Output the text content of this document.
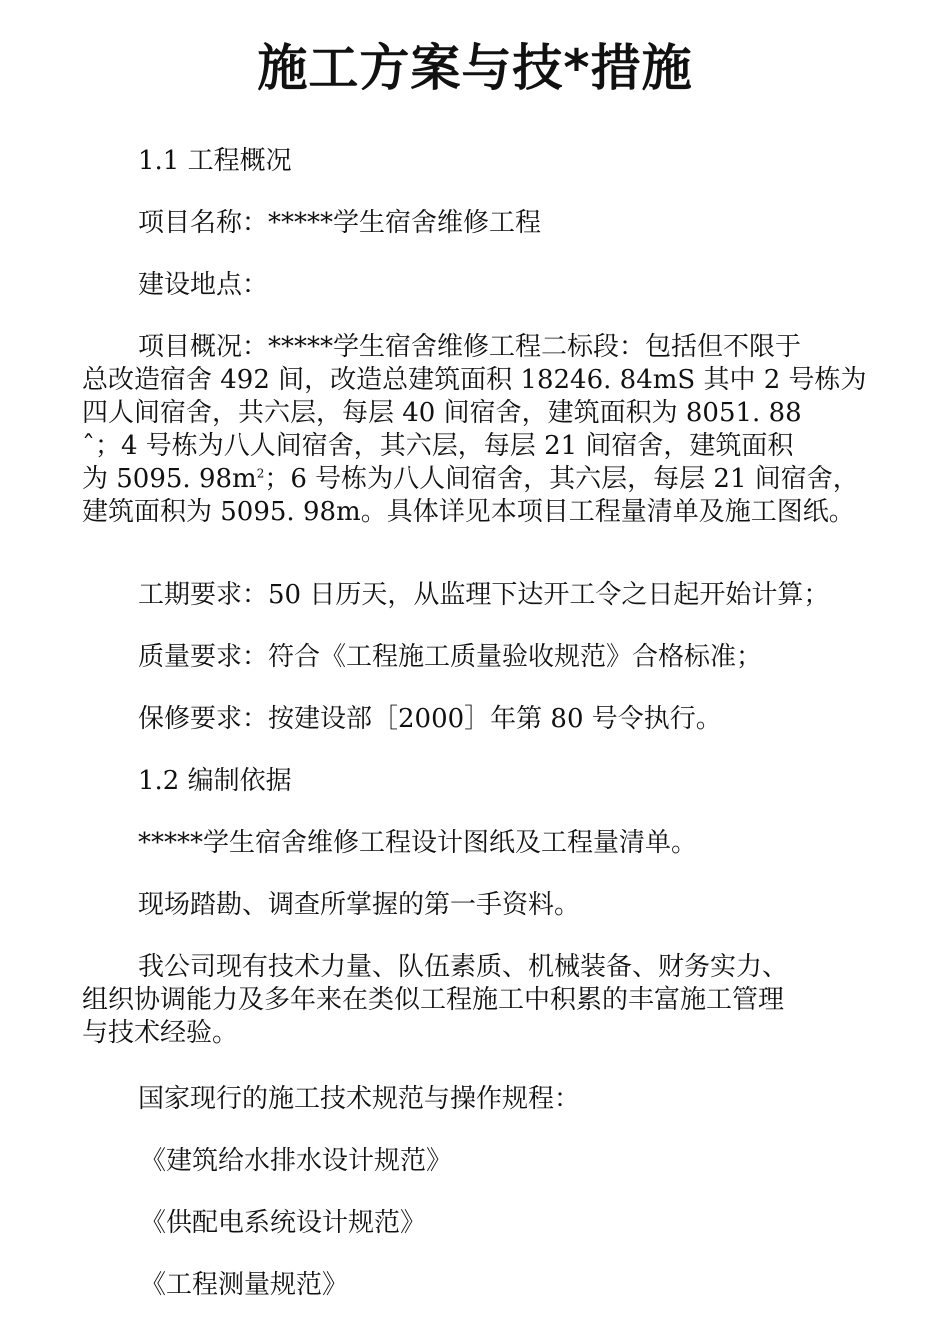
施工方案与技*措施

1.1 工程概况

项目名称：*****学生宿舍维修工程

建设地点：

项目概况：*****学生宿舍维修工程二标段：包括但不限于
总改造宿舍 492 间，改造总建筑面积 18246. 84mS 其中 2 号栋为
四人间宿舍，共六层，每层 40 间宿舍，建筑面积为 8051. 88
ˆ；4 号栋为八人间宿舍，其六层，每层 21 间宿舍，建筑面积
为 5095. $98m^2$；6 号栋为八人间宿舍，其六层，每层 21 间宿舍，
建筑面积为 5095. 98m。具体详见本项目工程量清单及施工图纸。

工期要求：50 日历天，从监理下达开工令之日起开始计算；

质量要求：符合《工程施工质量验收规范》合格标准；

保修要求：按建设部［2000］年第 80 号令执行。

1.2 编制依据

*****学生宿舍维修工程设计图纸及工程量清单。

现场踏勘、调查所掌握的第一手资料。

我公司现有技术力量、队伍素质、机械装备、财务实力、
组织协调能力及多年来在类似工程施工中积累的丰富施工管理
与技术经验。

国家现行的施工技术规范与操作规程：

《建筑给水排水设计规范》

《供配电系统设计规范》

《工程测量规范》
